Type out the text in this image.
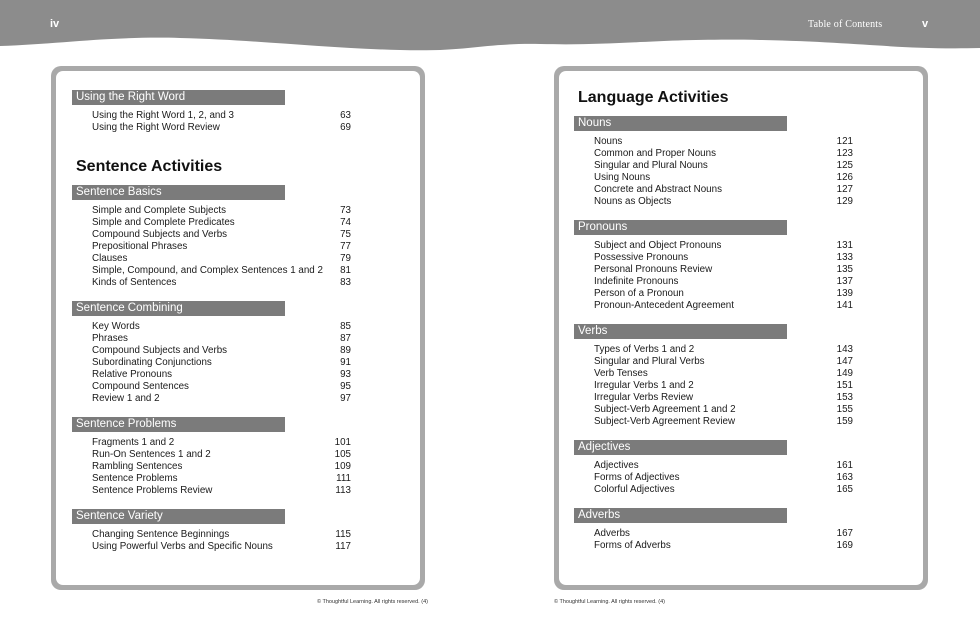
iv	Table of Contents	v
Using the Right Word
Using the Right Word 1, 2, and 3	63
Using the Right Word Review	69
Sentence Activities
Sentence Basics
Simple and Complete Subjects	73
Simple and Complete Predicates	74
Compound Subjects and Verbs	75
Prepositional Phrases	77
Clauses	79
Simple, Compound, and Complex Sentences 1 and 2 81
Kinds of Sentences	83
Sentence Combining
Key Words	85
Phrases	87
Compound Subjects and Verbs	89
Subordinating Conjunctions	91
Relative Pronouns	93
Compound Sentences	95
Review 1 and 2	97
Sentence Problems
Fragments 1 and 2	101
Run-On Sentences 1 and 2	105
Rambling Sentences	109
Sentence Problems	111
Sentence Problems Review	113
Sentence Variety
Changing Sentence Beginnings	115
Using Powerful Verbs and Specific Nouns	117
© Thoughtful Learning. All rights reserved. (4)
Language Activities
Nouns
Nouns	121
Common and Proper Nouns	123
Singular and Plural Nouns	125
Using Nouns	126
Concrete and Abstract Nouns	127
Nouns as Objects	129
Pronouns
Subject and Object Pronouns	131
Possessive Pronouns	133
Personal Pronouns Review	135
Indefinite Pronouns	137
Person of a Pronoun	139
Pronoun-Antecedent Agreement	141
Verbs
Types of Verbs 1 and 2	143
Singular and Plural Verbs	147
Verb Tenses	149
Irregular Verbs 1 and 2	151
Irregular Verbs Review	153
Subject-Verb Agreement 1 and 2	155
Subject-Verb Agreement Review	159
Adjectives
Adjectives	161
Forms of Adjectives	163
Colorful Adjectives	165
Adverbs
Adverbs	167
Forms of Adverbs	169
© Thoughtful Learning. All rights reserved. (4)
